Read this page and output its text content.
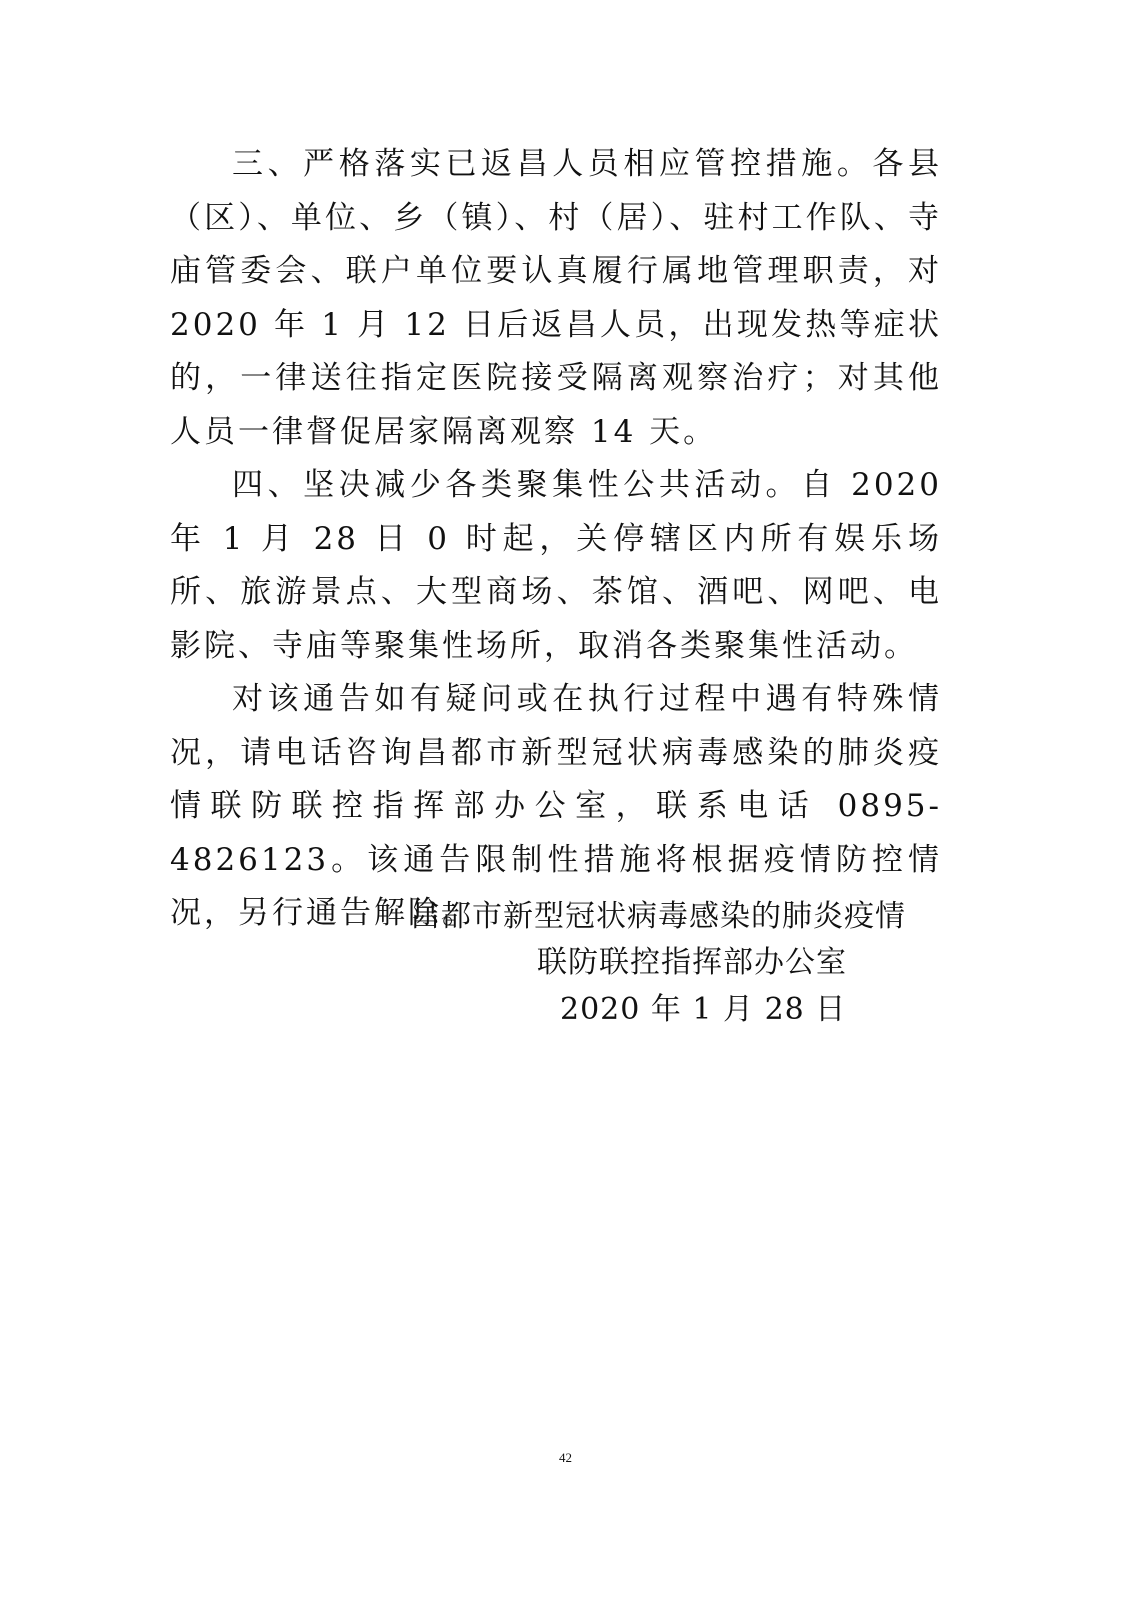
三、严格落实已返昌人员相应管控措施。各县（区）、单位、乡（镇）、村（居）、驻村工作队、寺庙管委会、联户单位要认真履行属地管理职责，对 2020 年 1 月 12 日后返昌人员，出现发热等症状的，一律送往指定医院接受隔离观察治疗；对其他人员一律督促居家隔离观察 14 天。

四、坚决减少各类聚集性公共活动。自 2020 年 1 月 28 日 0 时起，关停辖区内所有娱乐场所、旅游景点、大型商场、茶馆、酒吧、网吧、电影院、寺庙等聚集性场所，取消各类聚集性活动。

对该通告如有疑问或在执行过程中遇有特殊情况，请电话咨询昌都市新型冠状病毒感染的肺炎疫情联防联控指挥部办公室，联系电话 0895-4826123。该通告限制性措施将根据疫情防控情况，另行通告解除。

昌都市新型冠状病毒感染的肺炎疫情
联防联控指挥部办公室
2020 年 1 月 28 日
42
